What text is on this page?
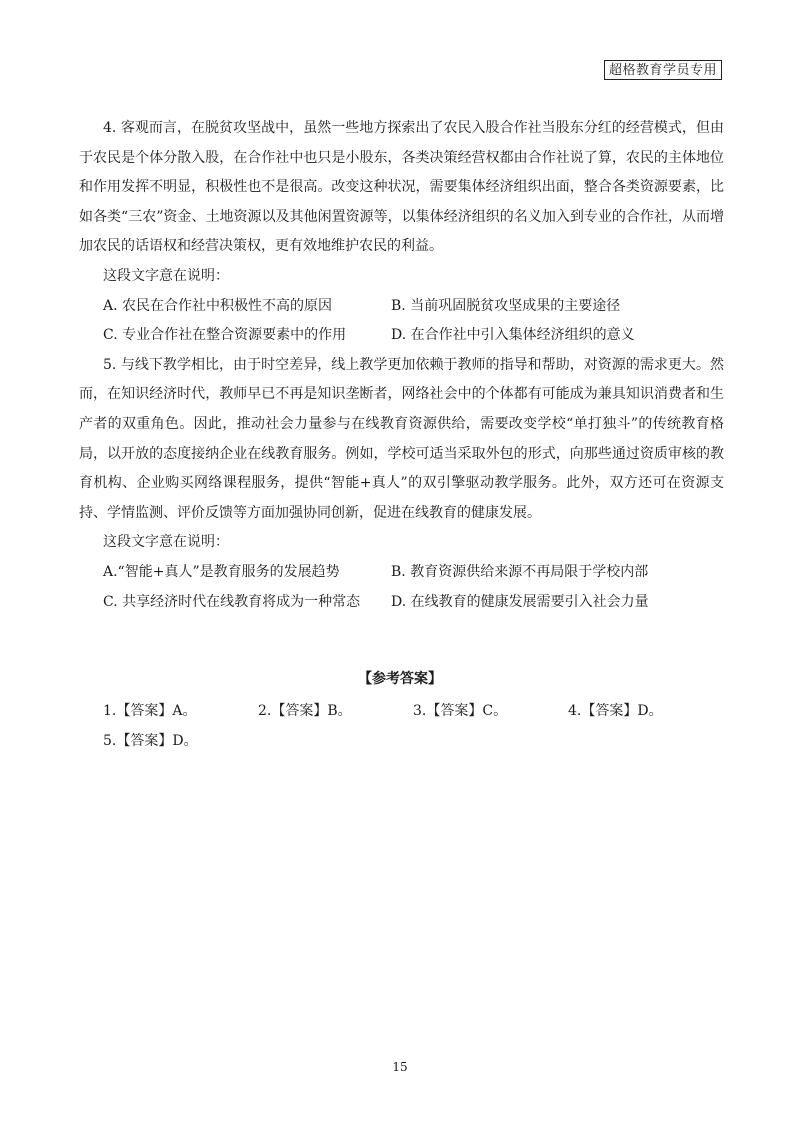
超格教育学员专用

4. 客观而言，在脱贫攻坚战中，虽然一些地方探索出了农民入股合作社当股东分红的经营模式，但由于农民是个体分散入股，在合作社中也只是小股东，各类决策经营权都由合作社说了算，农民的主体地位和作用发挥不明显，积极性也不是很高。改变这种状况，需要集体经济组织出面，整合各类资源要素，比如各类“三农”资金、土地资源以及其他闲置资源等，以集体经济组织的名义加入到专业的合作社，从而增加农民的话语权和经营决策权，更有效地维护农民的利益。

这段文字意在说明：

A. 农民在合作社中积极性不高的原因	B. 当前巩固脱贫攻坚成果的主要途径
C. 专业合作社在整合资源要素中的作用	D. 在合作社中引入集体经济组织的意义

5. 与线下教学相比，由于时空差异，线上教学更加依赖于教师的指导和帮助，对资源的需求更大。然而，在知识经济时代，教师早已不再是知识垄断者，网络社会中的个体都有可能成为兼具知识消费者和生产者的双重角色。因此，推动社会力量参与在线教育资源供给，需要改变学校“单打独斗”的传统教育格局，以开放的态度接纳企业在线教育服务。例如，学校可适当采取外包的形式，向那些通过资质审核的教育机构、企业购买网络课程服务，提供“智能+真人”的双引擎驱动教学服务。此外，双方还可在资源支持、学情监测、评价反馈等方面加强协同创新，促进在线教育的健康发展。

这段文字意在说明：

A.“智能+真人”是教育服务的发展趋势	B. 教育资源供给来源不再局限于学校内部
C. 共享经济时代在线教育将成为一种常态	D. 在线教育的健康发展需要引入社会力量
【参考答案】
1.【答案】A。	2.【答案】B。	3.【答案】C。	4.【答案】D。
5.【答案】D。
15
